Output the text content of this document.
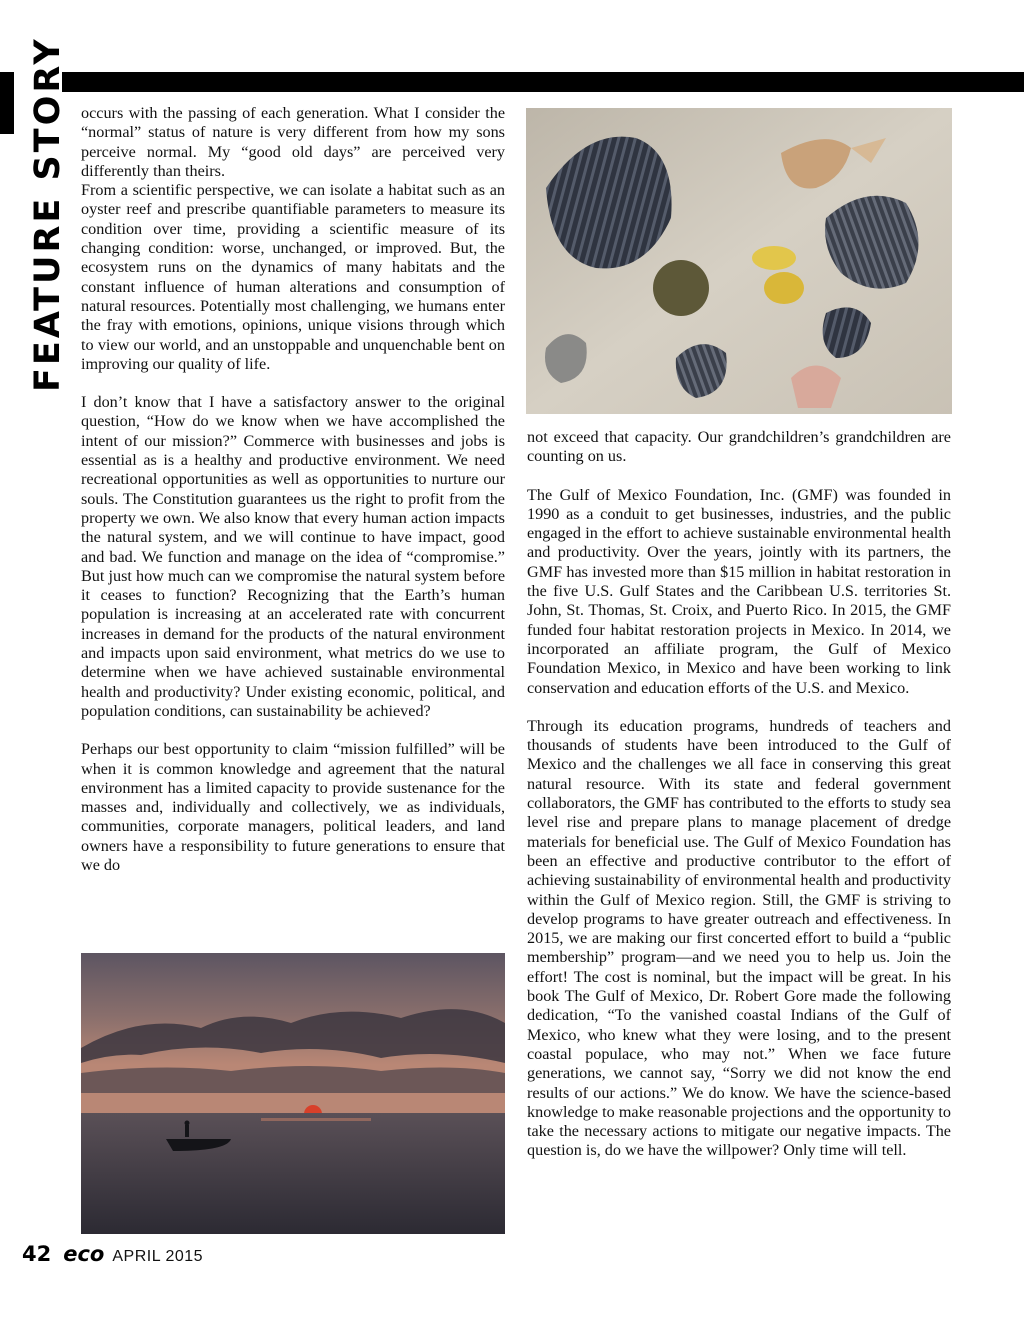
FEATURE STORY occurs with the passing of each generation. What I consider the “normal” status of nature is very different from how my sons perceive normal. My “good old days” are perceived very differently than theirs.
From a scientific perspective, we can isolate a habitat such as an oyster reef and prescribe quantifiable parameters to measure its condition over time, providing a scientific measure of its changing condition: worse, unchanged, or improved. But, the ecosystem runs on the dynamics of many habitats and the constant influence of human alterations and consumption of natural resources. Potentially most challenging, we humans enter the fray with emotions, opinions, unique visions through which to view our world, and an unstoppable and unquenchable bent on improving our quality of life.

I don’t know that I have a satisfactory answer to the original question, “How do we know when we have accomplished the intent of our mission?” Commerce with businesses and jobs is essential as is a healthy and productive environment. We need recreational opportunities as well as opportunities to nurture our souls. The Constitution guarantees us the right to profit from the property we own. We also know that every human action impacts the natural system, and we will continue to have impact, good and bad. We function and manage on the idea of “compromise.” But just how much can we compromise the natural system before it ceases to function? Recognizing that the Earth’s human population is increasing at an accelerated rate with concurrent increases in demand for the products of the natural environment and impacts upon said environment, what metrics do we use to determine when we have achieved sustainable environmental health and productivity? Under existing economic, political, and population conditions, can sustainability be achieved?

Perhaps our best opportunity to claim “mission fulfilled” will be when it is common knowledge and agreement that the natural environment has a limited capacity to provide sustenance for the masses and, individually and collectively, we as individuals, communities, corporate managers, political leaders, and land owners have a responsibility to future generations to ensure that we do

not exceed that capacity. Our grandchildren’s grandchildren are counting on us.

The Gulf of Mexico Foundation, Inc. (GMF) was founded in 1990 as a conduit to get businesses, industries, and the public engaged in the effort to achieve sustainable environmental health and productivity. Over the years, jointly with its partners, the GMF has invested more than $15 million in habitat restoration in the five U.S. Gulf States and the Caribbean U.S. territories St. John, St. Thomas, St. Croix, and Puerto Rico. In 2015, the GMF funded four habitat restoration projects in Mexico. In 2014, we incorporated an affiliate program, the Gulf of Mexico Foundation Mexico, in Mexico and have been working to link conservation and education efforts of the U.S. and Mexico.

Through its education programs, hundreds of teachers and thousands of students have been introduced to the Gulf of Mexico and the challenges we all face in conserving this great natural resource. With its state and federal government collaborators, the GMF has contributed to the efforts to study sea level rise and prepare plans to manage placement of dredge materials for beneficial use. The Gulf of Mexico Foundation has been an effective and productive contributor to the effort of achieving sustainability of environmental health and productivity within the Gulf of Mexico region. Still, the GMF is striving to develop programs to have greater outreach and effectiveness. In 2015, we are making our first concerted effort to build a “public membership” program—and we need you to help us. Join the effort! The cost is nominal, but the impact will be great. In his book The Gulf of Mexico, Dr. Robert Gore made the following dedication, “To the vanished coastal Indians of the Gulf of Mexico, who knew what they were losing, and to the present coastal populace, who may not.” When we face future generations, we cannot say, “Sorry we did not know the end results of our actions.” We do know. We have the science-based knowledge to make reasonable projections and the opportunity to take the necessary actions to mitigate our negative impacts. The question is, do we have the willpower? Only time will tell.

42 eco APRIL 2015
